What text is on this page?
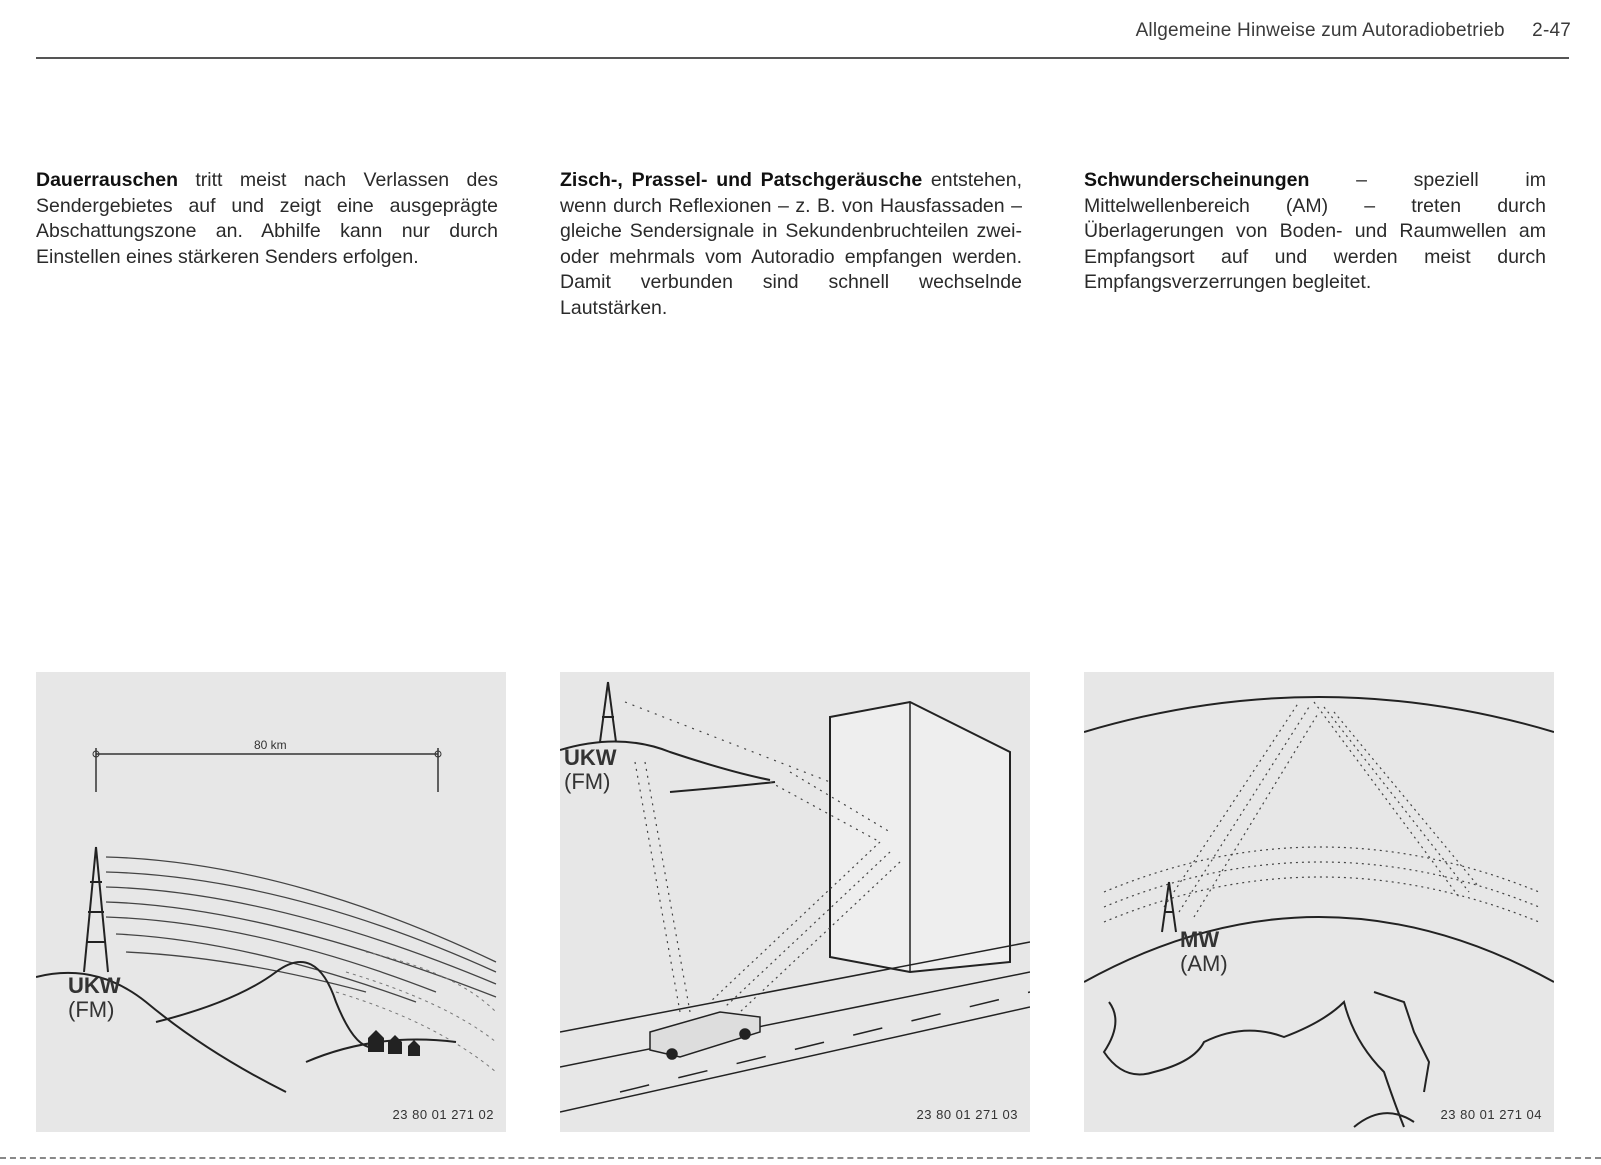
Allgemeine Hinweise zum Autoradiobetrieb 2-47
Dauerrauschen tritt meist nach Verlassen des Sendergebietes auf und zeigt eine ausgeprägte Abschattungszone an. Abhilfe kann nur durch Einstellen eines stärkeren Senders erfolgen.
Zisch-, Prassel- und Patschgeräusche entstehen, wenn durch Reflexionen – z. B. von Hausfassaden – gleiche Sendersignale in Sekundenbruchteilen zwei- oder mehrmals vom Autoradio empfangen werden. Damit verbunden sind schnell wechselnde Lautstärken.
Schwunderscheinungen – speziell im Mittelwellenbereich (AM) – treten durch Überlagerungen von Boden- und Raumwellen am Empfangsort auf und werden meist durch Empfangsverzerrungen begleitet.
80 km
UKW
(FM)
23 80 01 271 02
UKW
(FM)
23 80 01 271 03
MW
(AM)
23 80 01 271 04
